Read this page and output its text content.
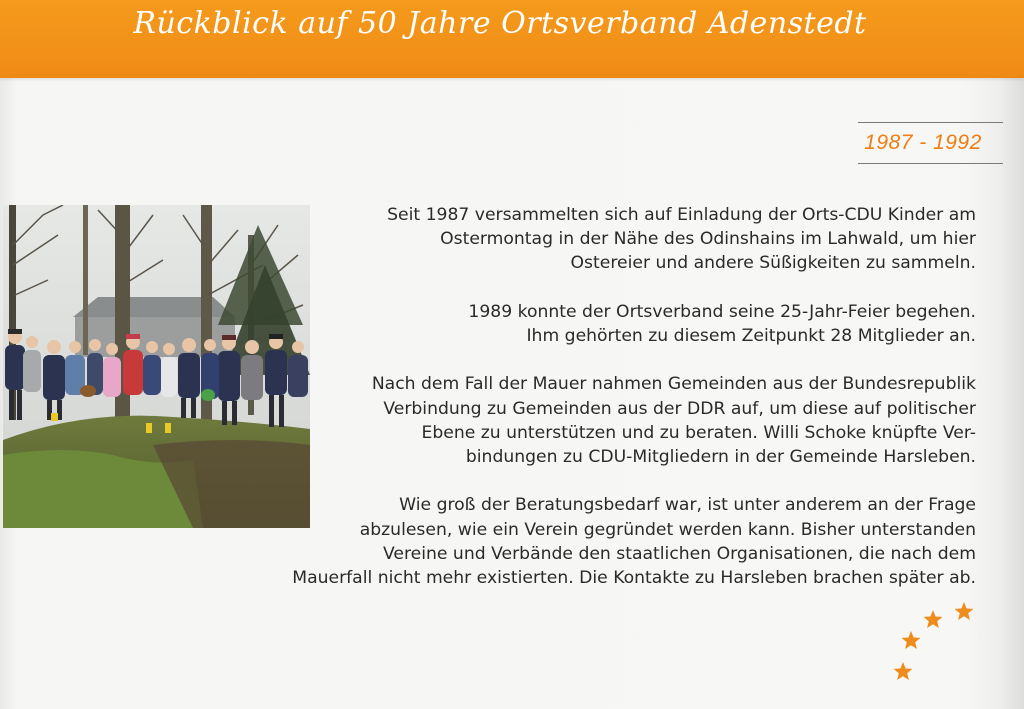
Rückblick auf 50 Jahre Ortsverband Adenstedt
1987 - 1992

Seit 1987 versammelten sich auf Einladung der Orts-CDU Kinder am
Ostermontag in der Nähe des Odinshains im Lahwald, um hier
Ostereier und andere Süßigkeiten zu sammeln.

1989 konnte der Ortsverband seine 25-Jahr-Feier begehen.
Ihm gehörten zu diesem Zeitpunkt 28 Mitglieder an.

Nach dem Fall der Mauer nahmen Gemeinden aus der Bundesrepublik
Verbindung zu Gemeinden aus der DDR auf, um diese auf politischer
Ebene zu unterstützen und zu beraten. Willi Schoke knüpfte Ver-
bindungen zu CDU-Mitgliedern in der Gemeinde Harsleben.

Wie groß der Beratungsbedarf war, ist unter anderem an der Frage
abzulesen, wie ein Verein gegründet werden kann. Bisher unterstanden
Vereine und Verbände den staatlichen Organisationen, die nach dem
Mauerfall nicht mehr existierten. Die Kontakte zu Harsleben brachen später ab.
